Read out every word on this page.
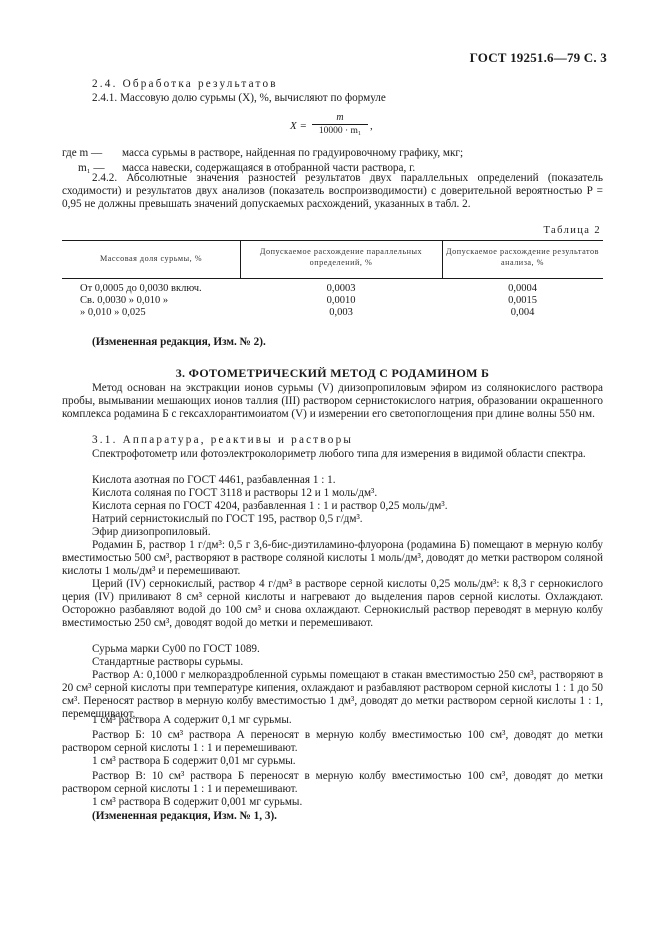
ГОСТ 19251.6—79 С. 3
2.4. Обработка результатов
2.4.1. Массовую долю сурьмы (X), %, вычисляют по формуле
$X = \frac{m}{\text{10000 · m₁}}$ ,
где m —	масса сурьмы в растворе, найденная по градуировочному графику, мкг;
m₁ —	масса навески, содержащаяся в отобранной части раствора, г.
2.4.2. Абсолютные значения разностей результатов двух параллельных определений (показатель сходимости) и результатов двух анализов (показатель воспроизводимости) с доверительной вероятностью P = 0,95 не должны превышать значений допускаемых расхождений, указанных в табл. 2.
Таблица 2
Массовая доля сурьмы, %
Допускаемое расхождение параллельных определений, %
Допускаемое расхождение результатов анализа, %
От 0,0005 до 0,0030 включ.
Св. 0,0030 » 0,010 »
» 0,010 » 0,025
0,0003
0,0010
0,003
0,0004
0,0015
0,004
(Измененная редакция, Изм. № 2).
3. ФОТОМЕТРИЧЕСКИЙ МЕТОД С РОДАМИНОМ Б
Метод основан на экстракции ионов сурьмы (V) диизопропиловым эфиром из солянокислого раствора пробы, вымывании мешающих ионов таллия (III) раствором сернистокислого натрия, образовании окрашенного комплекса родамина Б с гексахлорантимоиатом (V) и измерении его светопоглощения при длине волны 550 нм.
3.1. Аппаратура, реактивы и растворы
Спектрофотометр или фотоэлектроколориметр любого типа для измерения в видимой области спектра.
Кислота азотная по ГОСТ 4461, разбавленная 1 : 1.
Кислота соляная по ГОСТ 3118 и растворы 12 и 1 моль/дм³.
Кислота серная по ГОСТ 4204, разбавленная 1 : 1 и раствор 0,25 моль/дм³.
Натрий сернистокислый по ГОСТ 195, раствор 0,5 г/дм³.
Эфир диизопропиловый.
Родамин Б, раствор 1 г/дм³: 0,5 г 3,6-бис-диэтиламино-флуорона (родамина Б) помещают в мерную колбу вместимостью 500 см³, растворяют в растворе соляной кислоты 1 моль/дм³, доводят до метки раствором соляной кислоты 1 моль/дм³ и перемешивают.
Церий (IV) сернокислый, раствор 4 г/дм³ в растворе серной кислоты 0,25 моль/дм³: к 8,3 г сернокислого церия (IV) приливают 8 см³ серной кислоты и нагревают до выделения паров серной кислоты. Охлаждают. Осторожно разбавляют водой до 100 см³ и снова охлаждают. Сернокислый раствор переводят в мерную колбу вместимостью 250 см³, доводят водой до метки и перемешивают.
Сурьма марки Су00 по ГОСТ 1089.
Стандартные растворы сурьмы.
Раствор А: 0,1000 г мелкораздробленной сурьмы помещают в стакан вместимостью 250 см³, растворяют в 20 см³ серной кислоты при температуре кипения, охлаждают и разбавляют раствором серной кислоты 1 : 1 до 50 см³. Переносят раствор в мерную колбу вместимостью 1 дм³, доводят до метки раствором серной кислоты 1 : 1, перемешивают.
1 см³ раствора А содержит 0,1 мг сурьмы.
Раствор Б: 10 см³ раствора А переносят в мерную колбу вместимостью 100 см³, доводят до метки раствором серной кислоты 1 : 1 и перемешивают.
1 см³ раствора Б содержит 0,01 мг сурьмы.
Раствор В: 10 см³ раствора Б переносят в мерную колбу вместимостью 100 см³, доводят до метки раствором серной кислоты 1 : 1 и перемешивают.
1 см³ раствора В содержит 0,001 мг сурьмы.
(Измененная редакция, Изм. № 1, 3).
